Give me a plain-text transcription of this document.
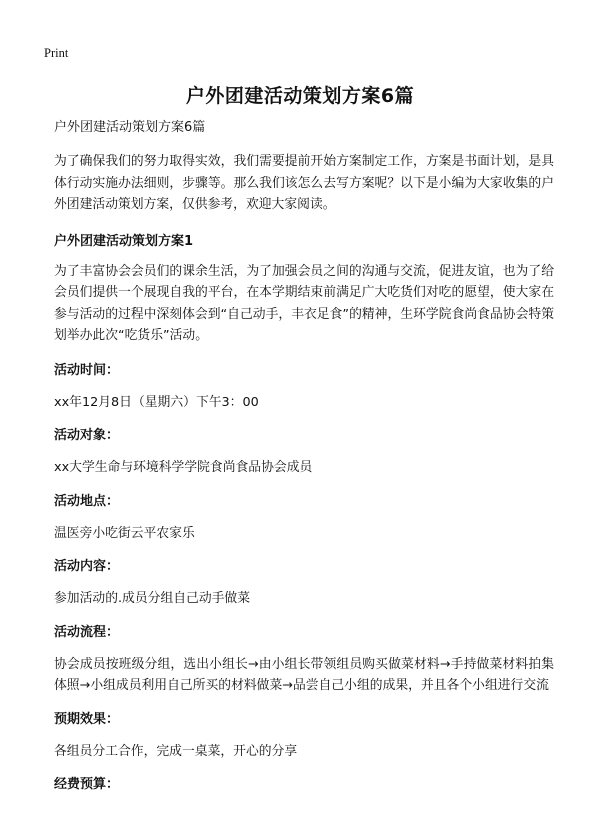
Print
户外团建活动策划方案6篇

户外团建活动策划方案6篇

为了确保我们的努力取得实效，我们需要提前开始方案制定工作，方案是书面计划，是具体行动实施办法细则，步骤等。那么我们该怎么去写方案呢？以下是小编为大家收集的户外团建活动策划方案，仅供参考，欢迎大家阅读。

户外团建活动策划方案1

为了丰富协会会员们的课余生活，为了加强会员之间的沟通与交流，促进友谊，也为了给会员们提供一个展现自我的平台，在本学期结束前满足广大吃货们对吃的愿望，使大家在参与活动的过程中深刻体会到“自己动手，丰衣足食”的精神，生环学院食尚食品协会特策划举办此次“吃货乐”活动。

活动时间：

xx年12月8日（星期六）下午3：00

活动对象：

xx大学生命与环境科学学院食尚食品协会成员

活动地点：

温医旁小吃街云平农家乐

活动内容：

参加活动的.成员分组自己动手做菜

活动流程：

协会成员按班级分组，选出小组长→由小组长带领组员购买做菜材料→手持做菜材料拍集体照→小组成员利用自己所买的材料做菜→品尝自己小组的成果，并且各个小组进行交流

预期效果：

各组员分工合作，完成一桌菜，开心的分享

经费预算：
